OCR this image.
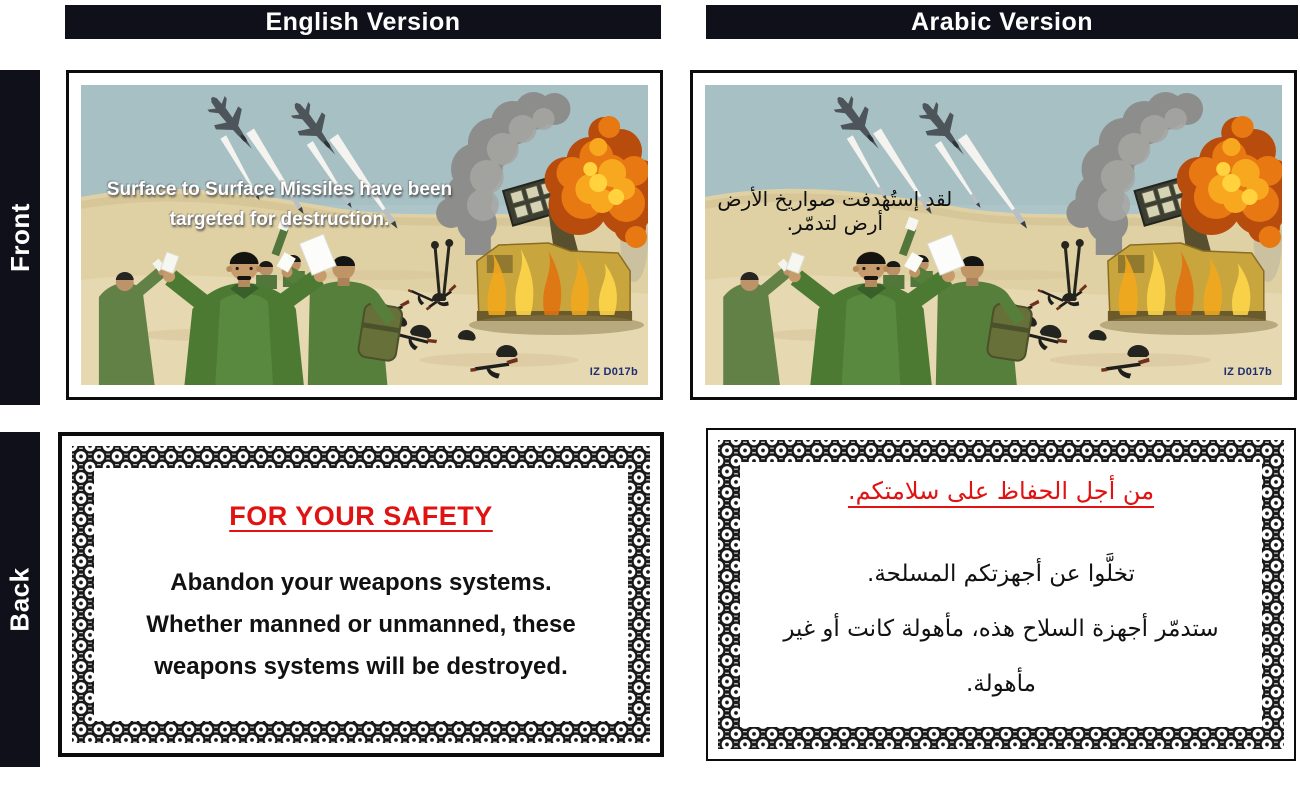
English Version	Arabic Version
Front
Back
Surface to Surface Missiles have been
targeted for destruction.
IZ D017b
لقد إستُهدفت صواريخ الأرض أرض لتدمّر.
IZ D017b
FOR YOUR SAFETY
Abandon your weapons systems.
Whether manned or unmanned, these
weapons systems will be destroyed.
من أجل الحفاظ على سلامتكم.
تخلَّوا عن أجهزتكم المسلحة.
ستدمّر أجهزة السلاح هذه، مأهولة كانت أو غير مأهولة.
